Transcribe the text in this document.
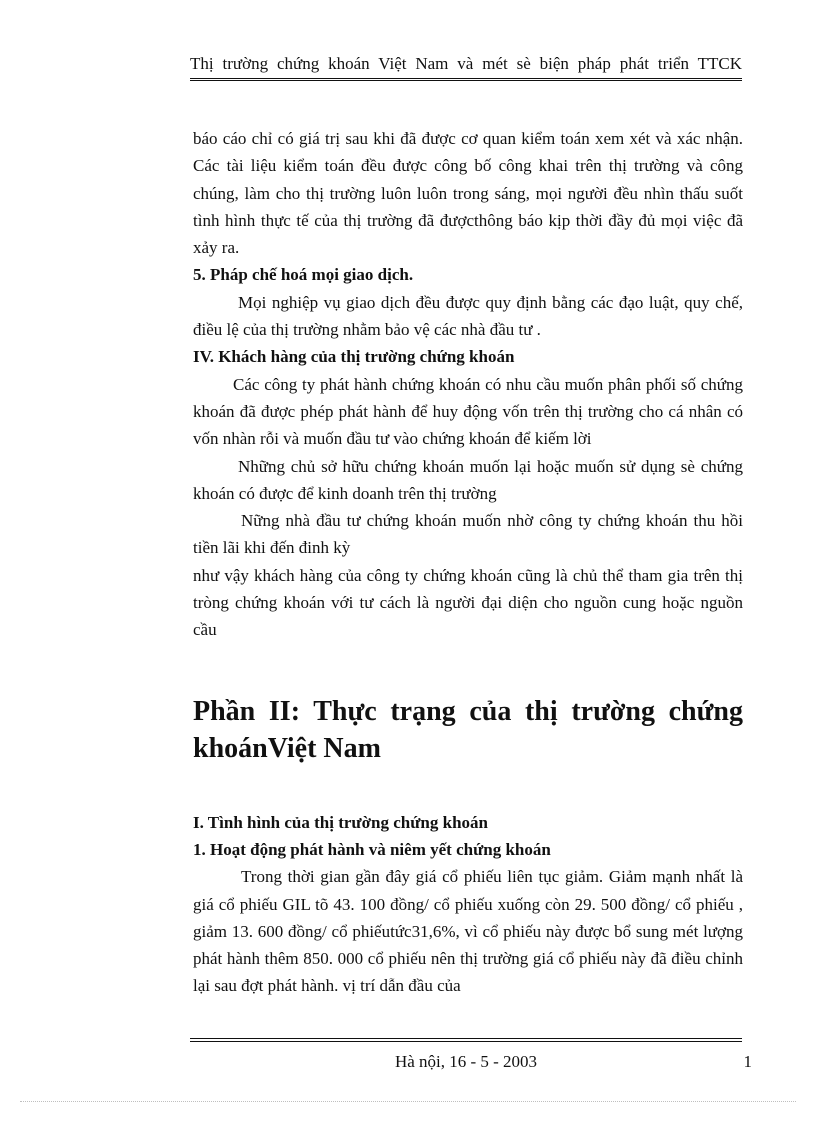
Thị trường chứng khoán Việt Nam và mét sè biện pháp phát triển TTCK

báo cáo chỉ có giá trị sau khi đã được cơ quan kiểm toán xem xét và xác nhận. Các tài liệu kiểm toán đều được công bố công khai trên thị trường và công chúng, làm cho thị trường luôn luôn trong sáng, mọi người đều nhìn thấu suốt tình hình thực tế của thị trường đã đượcthông báo kịp thời đầy đủ mọi việc đã xảy ra.

5. Pháp chế hoá mọi giao dịch.

Mọi nghiệp vụ giao dịch đều được quy định bằng các đạo luật, quy chế, điều lệ của thị trường nhằm bảo vệ các nhà đầu tư .

IV. Khách hàng của thị trường chứng khoán

Các công ty phát hành chứng khoán có nhu cầu muốn phân phối số chứng khoán đã được phép phát hành để huy động vốn trên thị trường cho cá nhân có vốn nhàn rỗi và muốn đầu tư vào chứng khoán để kiếm lời

Những chủ sở hữu chứng khoán muốn lại hoặc muốn sử dụng sè chứng khoán có được để kinh doanh trên thị trường

Nững nhà đầu tư chứng khoán muốn nhờ công ty chứng khoán thu hồi tiền lãi khi đến đinh kỳ

như vậy khách hàng của công ty chứng khoán cũng là chủ thể tham gia trên thị tròng chứng khoán với tư cách là người đại diện cho nguồn cung hoặc nguồn cầu

Phần II: Thực trạng của thị trường chứng khoánViệt Nam

I. Tình hình của thị trường chứng khoán

1. Hoạt động phát hành và niêm yết chứng khoán

Trong thời gian gần đây giá cổ phiếu liên tục giảm. Giảm mạnh nhất là giá cổ phiếu GIL tõ 43. 100 đồng/ cổ phiếu xuống còn 29. 500 đồng/ cổ phiếu , giảm 13. 600 đồng/ cổ phiếutức31,6%, vì cổ phiếu này được bổ sung mét lượng phát hành thêm 850. 000 cổ phiếu nên thị trường giá cổ phiếu này đã điều chỉnh lại sau đợt phát hành. vị trí dẫn đầu của

Hà nội, 16 - 5 - 2003	1
